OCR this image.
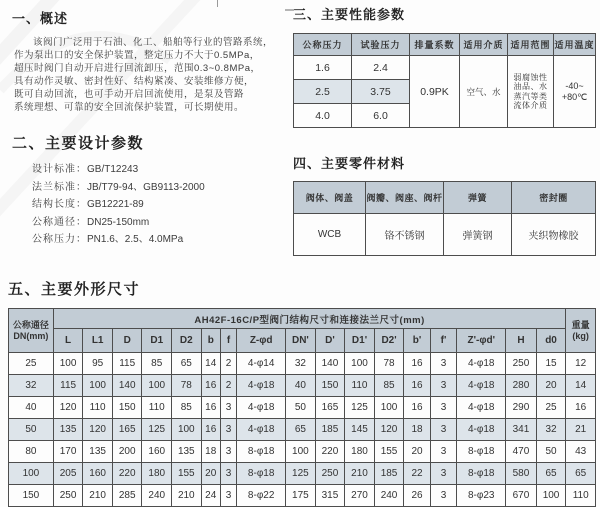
一、概述
该阀门广泛用于石油、化工、船舶等行业的管路系统，
作为泵出口的安全保护装置，整定压力不大于0.5MPa，
超压时阀门自动开启进行回流卸压，范围0.3~0.8MPa，
具有动作灵敏、密封性好、结构紧凑、安装维修方便，
既可自动回流，也可手动开启回流使用，是泵及管路
系统理想、可靠的安全回流保护装置，可长期使用。
二、主要设计参数
设计标准：GB/T12243
法兰标准：JB/T79-94、GB9113-2000
结构长度：GB12221-89
公称通径：DN25-150mm
公称压力：PN1.6、2.5、4.0MPa
三、主要性能参数
公称压力	试验压力	排量系数	适用介质	适用范围	适用温度
1.6	2.4	0.9PK	空气、水	
弱腐蚀性
油品、水
蒸汽等类
流体介质

-40~
+80℃

2.5	3.75				
4.0	6.0				
四、主要零件材料
阀体、阀盖	阀瓣、阀座、阀杆	弹簧	密封圈
WCB	铬不锈钢	弹簧钢	夹织物橡胶
五、主要外形尺寸
公称通径
DN(mm)
	AH42F-16C/P型阀门结构尺寸和连接法兰尺寸(mm)	重量
(kg)

	L	L1	D	D1	D2	b	f	Z-φd	DN'	D'	D1'	D2'	b'	f'	Z'-φd'	H	d0	
25	100	95	115	85	65	14	2	4-φ14	32	140	100	78	16	3	4-φ18	250	15	12
32	115	100	140	100	78	16	2	4-φ18	40	150	110	85	16	3	4-φ18	280	20	14
40	120	110	150	110	85	16	3	4-φ18	50	165	125	100	16	3	4-φ18	290	25	16
50	135	120	165	125	100	16	3	4-φ18	65	185	145	120	18	3	4-φ18	341	32	21
80	170	135	200	160	135	18	3	8-φ18	100	220	180	155	20	3	8-φ18	470	50	43
100	205	160	220	180	155	20	3	8-φ18	125	250	210	185	22	3	8-φ18	580	65	65
150	250	210	285	240	210	24	3	8-φ22	175	315	270	240	26	3	8-φ23	670	100	110
